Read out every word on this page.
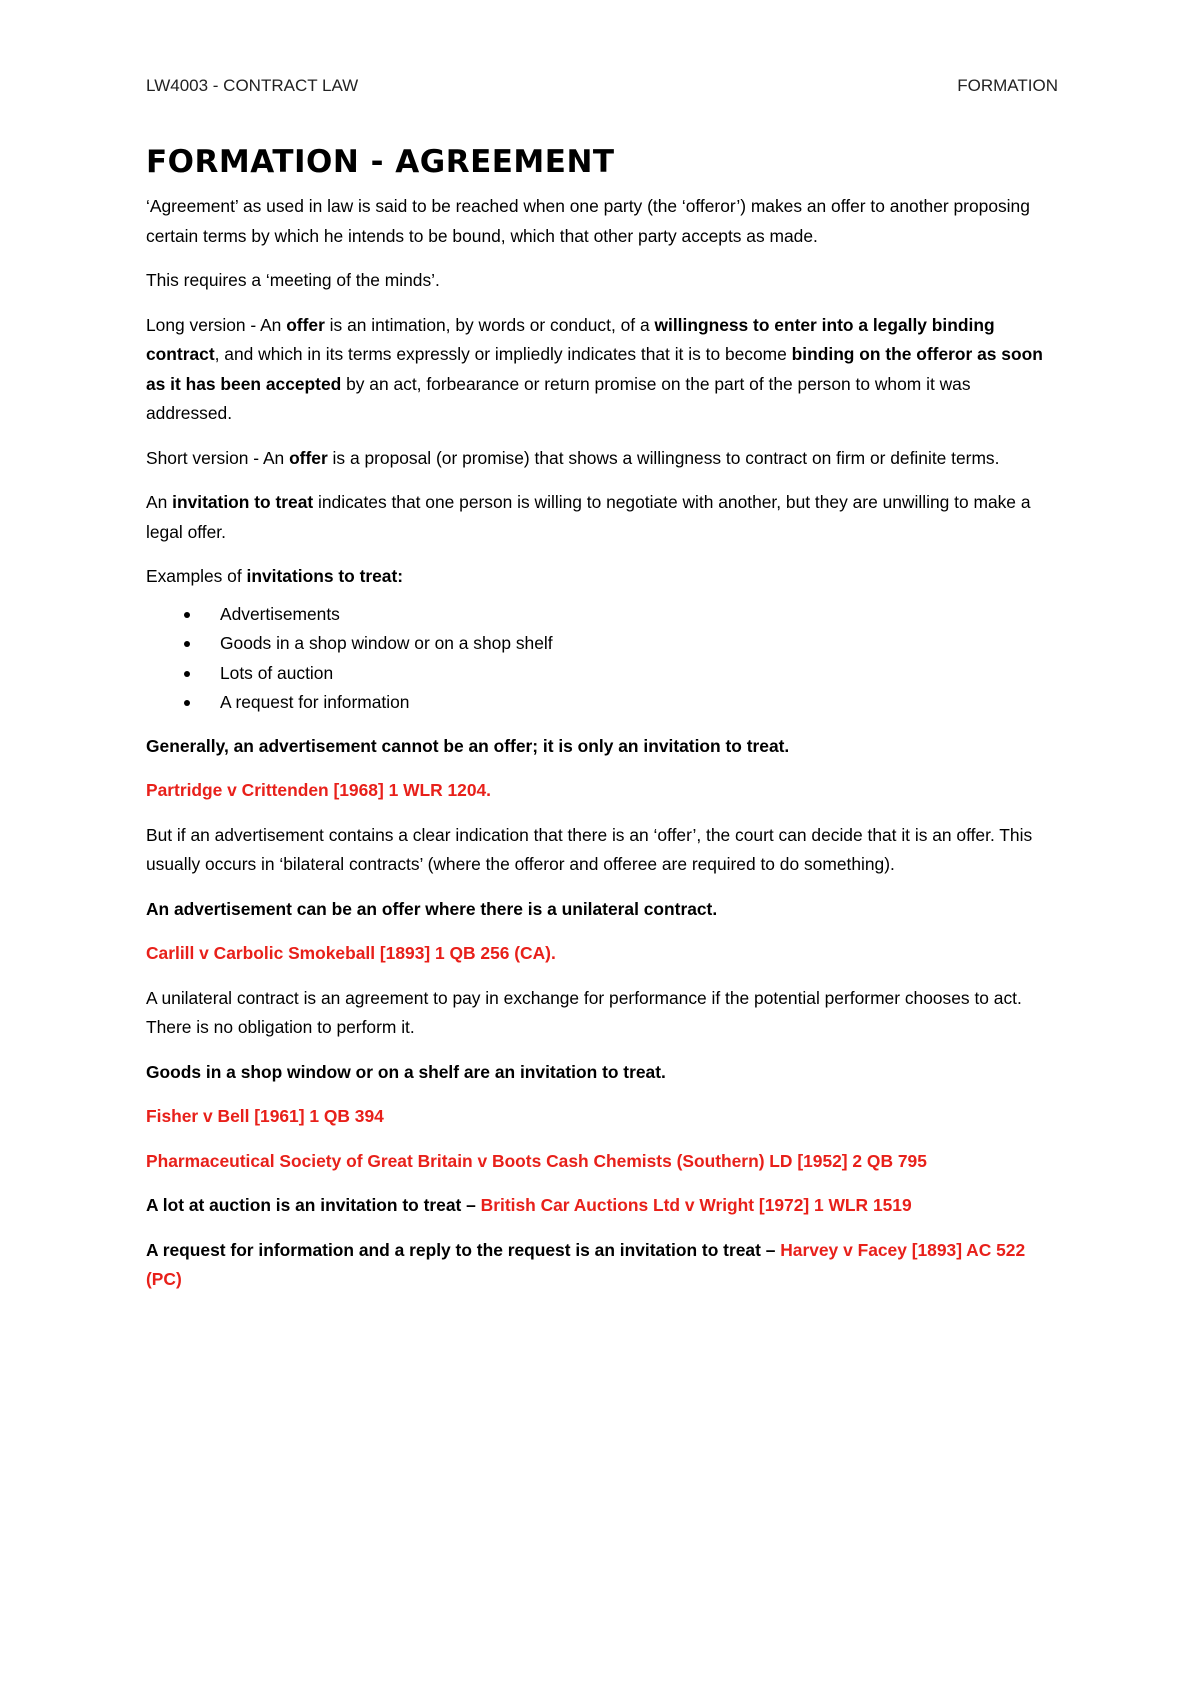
LW4003 - CONTRACT LAW	FORMATION
FORMATION - AGREEMENT

‘Agreement’ as used in law is said to be reached when one party (the ‘offeror’) makes an offer to another proposing certain terms by which he intends to be bound, which that other party accepts as made.

This requires a ‘meeting of the minds’.

Long version - An offer is an intimation, by words or conduct, of a willingness to enter into a legally binding contract, and which in its terms expressly or impliedly indicates that it is to become binding on the offeror as soon as it has been accepted by an act, forbearance or return promise on the part of the person to whom it was addressed.

Short version - An offer is a proposal (or promise) that shows a willingness to contract on firm or definite terms.

An invitation to treat indicates that one person is willing to negotiate with another, but they are unwilling to make a legal offer.

Examples of invitations to treat:

Advertisements
Goods in a shop window or on a shop shelf
Lots of auction
A request for information

Generally, an advertisement cannot be an offer; it is only an invitation to treat.

Partridge v Crittenden [1968] 1 WLR 1204.

But if an advertisement contains a clear indication that there is an ‘offer’, the court can decide that it is an offer. This usually occurs in ‘bilateral contracts’ (where the offeror and offeree are required to do something).

An advertisement can be an offer where there is a unilateral contract.

Carlill v Carbolic Smokeball [1893] 1 QB 256 (CA).

A unilateral contract is an agreement to pay in exchange for performance if the potential performer chooses to act. There is no obligation to perform it.

Goods in a shop window or on a shelf are an invitation to treat.

Fisher v Bell [1961] 1 QB 394

Pharmaceutical Society of Great Britain v Boots Cash Chemists (Southern) LD [1952] 2 QB 795

A lot at auction is an invitation to treat – British Car Auctions Ltd v Wright [1972] 1 WLR 1519

A request for information and a reply to the request is an invitation to treat – Harvey v Facey [1893] AC 522 (PC)
